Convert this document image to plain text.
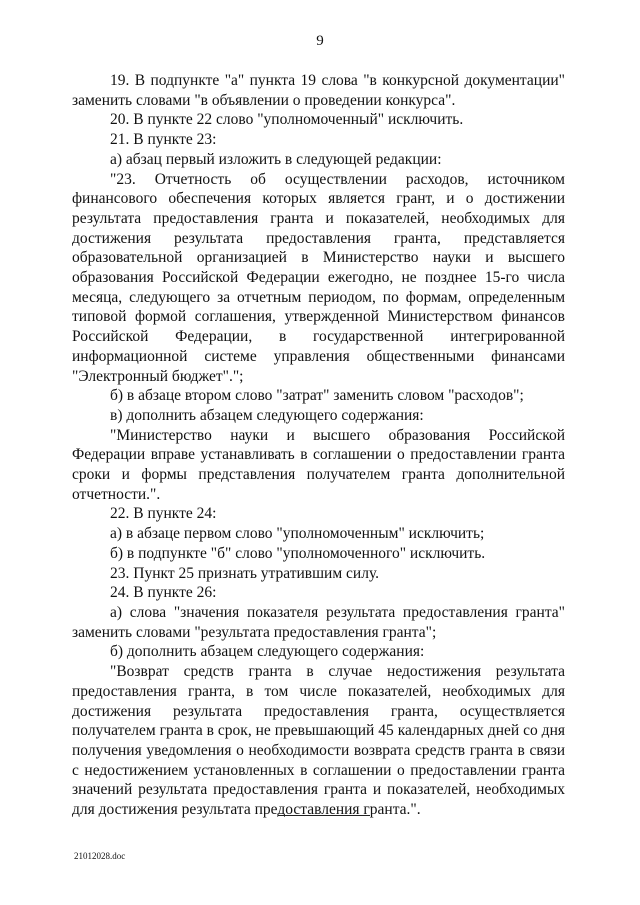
9

19. В подпункте "а" пункта 19 слова "в конкурсной документации" заменить словами "в объявлении о проведении конкурса".

20. В пункте 22 слово "уполномоченный" исключить.

21. В пункте 23:

а) абзац первый изложить в следующей редакции:

"23. Отчетность об осуществлении расходов, источником финансового обеспечения которых является грант, и о достижении результата предоставления гранта и показателей, необходимых для достижения результата предоставления гранта, представляется образовательной организацией в Министерство науки и высшего образования Российской Федерации ежегодно, не позднее 15-го числа месяца, следующего за отчетным периодом, по формам, определенным типовой формой соглашения, утвержденной Министерством финансов Российской Федерации, в государственной интегрированной информационной системе управления общественными финансами "Электронный бюджет".";

б) в абзаце втором слово "затрат" заменить словом "расходов";

в) дополнить абзацем следующего содержания:

"Министерство науки и высшего образования Российской Федерации вправе устанавливать в соглашении о предоставлении гранта сроки и формы представления получателем гранта дополнительной отчетности.".

22. В пункте 24:

а) в абзаце первом слово "уполномоченным" исключить;

б) в подпункте "б" слово "уполномоченного" исключить.

23. Пункт 25 признать утратившим силу.

24. В пункте 26:

а) слова "значения показателя результата предоставления гранта" заменить словами "результата предоставления гранта";

б) дополнить абзацем следующего содержания:

"Возврат средств гранта в случае недостижения результата предоставления гранта, в том числе показателей, необходимых для достижения результата предоставления гранта, осуществляется получателем гранта в срок, не превышающий 45 календарных дней со дня получения уведомления о необходимости возврата средств гранта в связи с недостижением установленных в соглашении о предоставлении гранта значений результата предоставления гранта и показателей, необходимых для достижения результата предоставления гранта.".

21012028.doc
